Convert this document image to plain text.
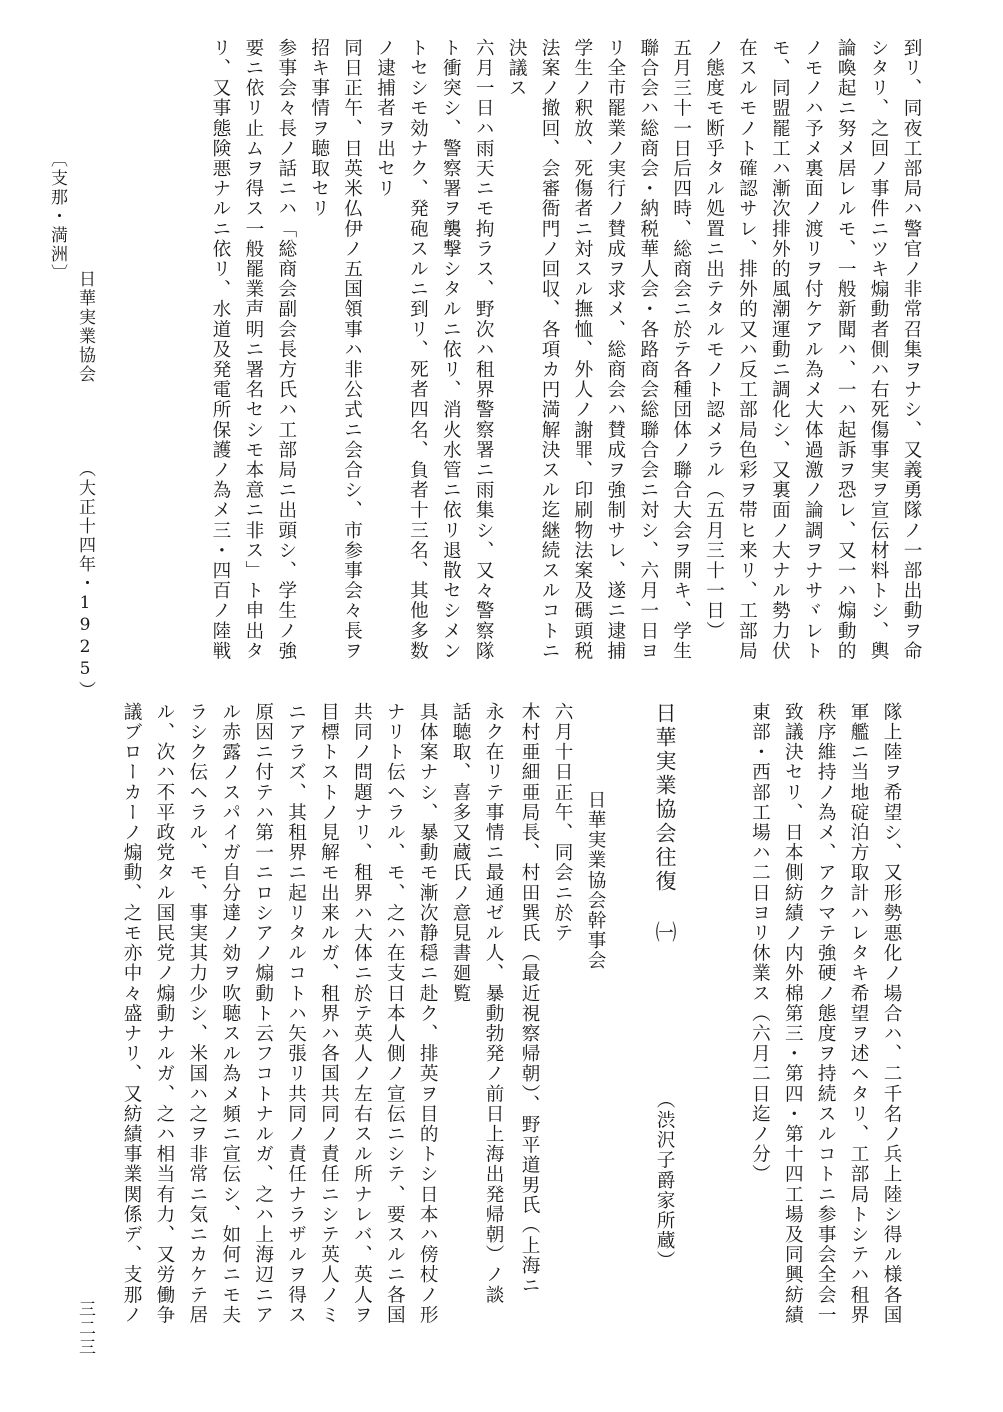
到リ、同夜工部局ハ警官ノ非常召集ヲナシ、又義勇隊ノ一部出動ヲ命
シタリ、之回ノ事件ニツキ煽動者側ハ右死傷事実ヲ宣伝材料トシ、輿
論喚起ニ努メ居レルモ、一般新聞ハ、一ハ起訴ヲ恐レ、又一ハ煽動的
ノモノハ予メ裏面ノ渡リヲ付ケアル為メ大体過激ノ論調ヲナサヾレト
モ、同盟罷工ハ漸次排外的風潮運動ニ調化シ、又裏面ノ大ナル勢力伏
在スルモノト確認サレ、排外的又ハ反工部局色彩ヲ帯ヒ来リ、工部局
ノ態度モ断乎タル処置ニ出テタルモノト認メラル（五月三十一日）
五月三十一日后四時、総商会ニ於テ各種団体ノ聯合大会ヲ開キ、学生
聯合会ハ総商会・納税華人会・各路商会総聯合会ニ対シ、六月一日ヨ
リ全市罷業ノ実行ノ賛成ヲ求メ、総商会ハ賛成ヲ強制サレ、遂ニ逮捕
学生ノ釈放、死傷者ニ対スル撫恤、外人ノ謝罪、印刷物法案及碼頭税
法案ノ撤回、会審衙門ノ回収、各項カ円満解決スル迄継続スルコトニ
決議ス
六月一日ハ雨天ニモ拘ラス、野次ハ租界警察署ニ雨集シ、又々警察隊
ト衝突シ、警察署ヲ襲撃シタルニ依リ、消火水管ニ依リ退散セシメン
トセシモ効ナク、発砲スルニ到リ、死者四名、負者十三名、其他多数
ノ逮捕者ヲ出セリ
同日正午、日英米仏伊ノ五国領事ハ非公式ニ会合シ、市参事会々長ヲ
招キ事情ヲ聴取セリ
参事会々長ノ話ニハ「総商会副会長方氏ハ工部局ニ出頭シ、学生ノ強
要ニ依リ止ムヲ得ス一般罷業声明ニ署名セシモ本意ニ非ス」ト申出タ
リ、又事態険悪ナルニ依リ、水道及発電所保護ノ為メ三・四百ノ陸戦
隊上陸ヲ希望シ、又形勢悪化ノ場合ハ、二千名ノ兵上陸シ得ル様各国
軍艦ニ当地碇泊方取計ハレタキ希望ヲ述ヘタリ、工部局トシテハ租界
秩序維持ノ為メ、アクマテ強硬ノ態度ヲ持続スルコトニ参事会全会一
致議決セリ、日本側紡績ノ内外棉第三・第四・第十四工場及同興紡績
東部・西部工場ハ二日ヨリ休業ス（六月二日迄ノ分）
（渋沢子爵家所蔵）
日華実業協会往復 ㈠
日華実業協会幹事会
六月十日正午、同会ニ於テ
木村亜細亜局長、村田巽氏（最近視察帰朝）、野平道男氏（上海ニ
永ク在リテ事情ニ最通ゼル人、暴動勃発ノ前日上海出発帰朝）ノ談
話聴取、喜多又蔵氏ノ意見書廻覧
具体案ナシ、暴動モ漸次静穏ニ赴ク、排英ヲ目的トシ日本ハ傍杖ノ形
ナリト伝ヘラル、モ、之ハ在支日本人側ノ宣伝ニシテ、要スルニ各国
共同ノ問題ナリ、租界ハ大体ニ於テ英人ノ左右スル所ナレバ、英人ヲ
目標トストノ見解モ出来ルガ、租界ハ各国共同ノ責任ニシテ英人ノミ
ニアラズ、其租界ニ起リタルコトハ矢張リ共同ノ責任ナラザルヲ得ス
原因ニ付テハ第一ニロシアノ煽動ト云フコトナルガ、之ハ上海辺ニア
ル赤露ノスパイガ自分達ノ効ヲ吹聴スル為メ頻ニ宣伝シ、如何ニモ夫
ラシク伝ヘラル、モ、事実其力少シ、米国ハ之ヲ非常ニ気ニカケテ居
ル、次ハ不平政党タル国民党ノ煽動ナルガ、之ハ相当有力、又労働争
議ブローカーノ煽動、之モ亦中々盛ナリ、又紡績事業関係デ、支那ノ
〔支那・満洲〕
日華実業協会
（大正十四年・1925）
三二三
